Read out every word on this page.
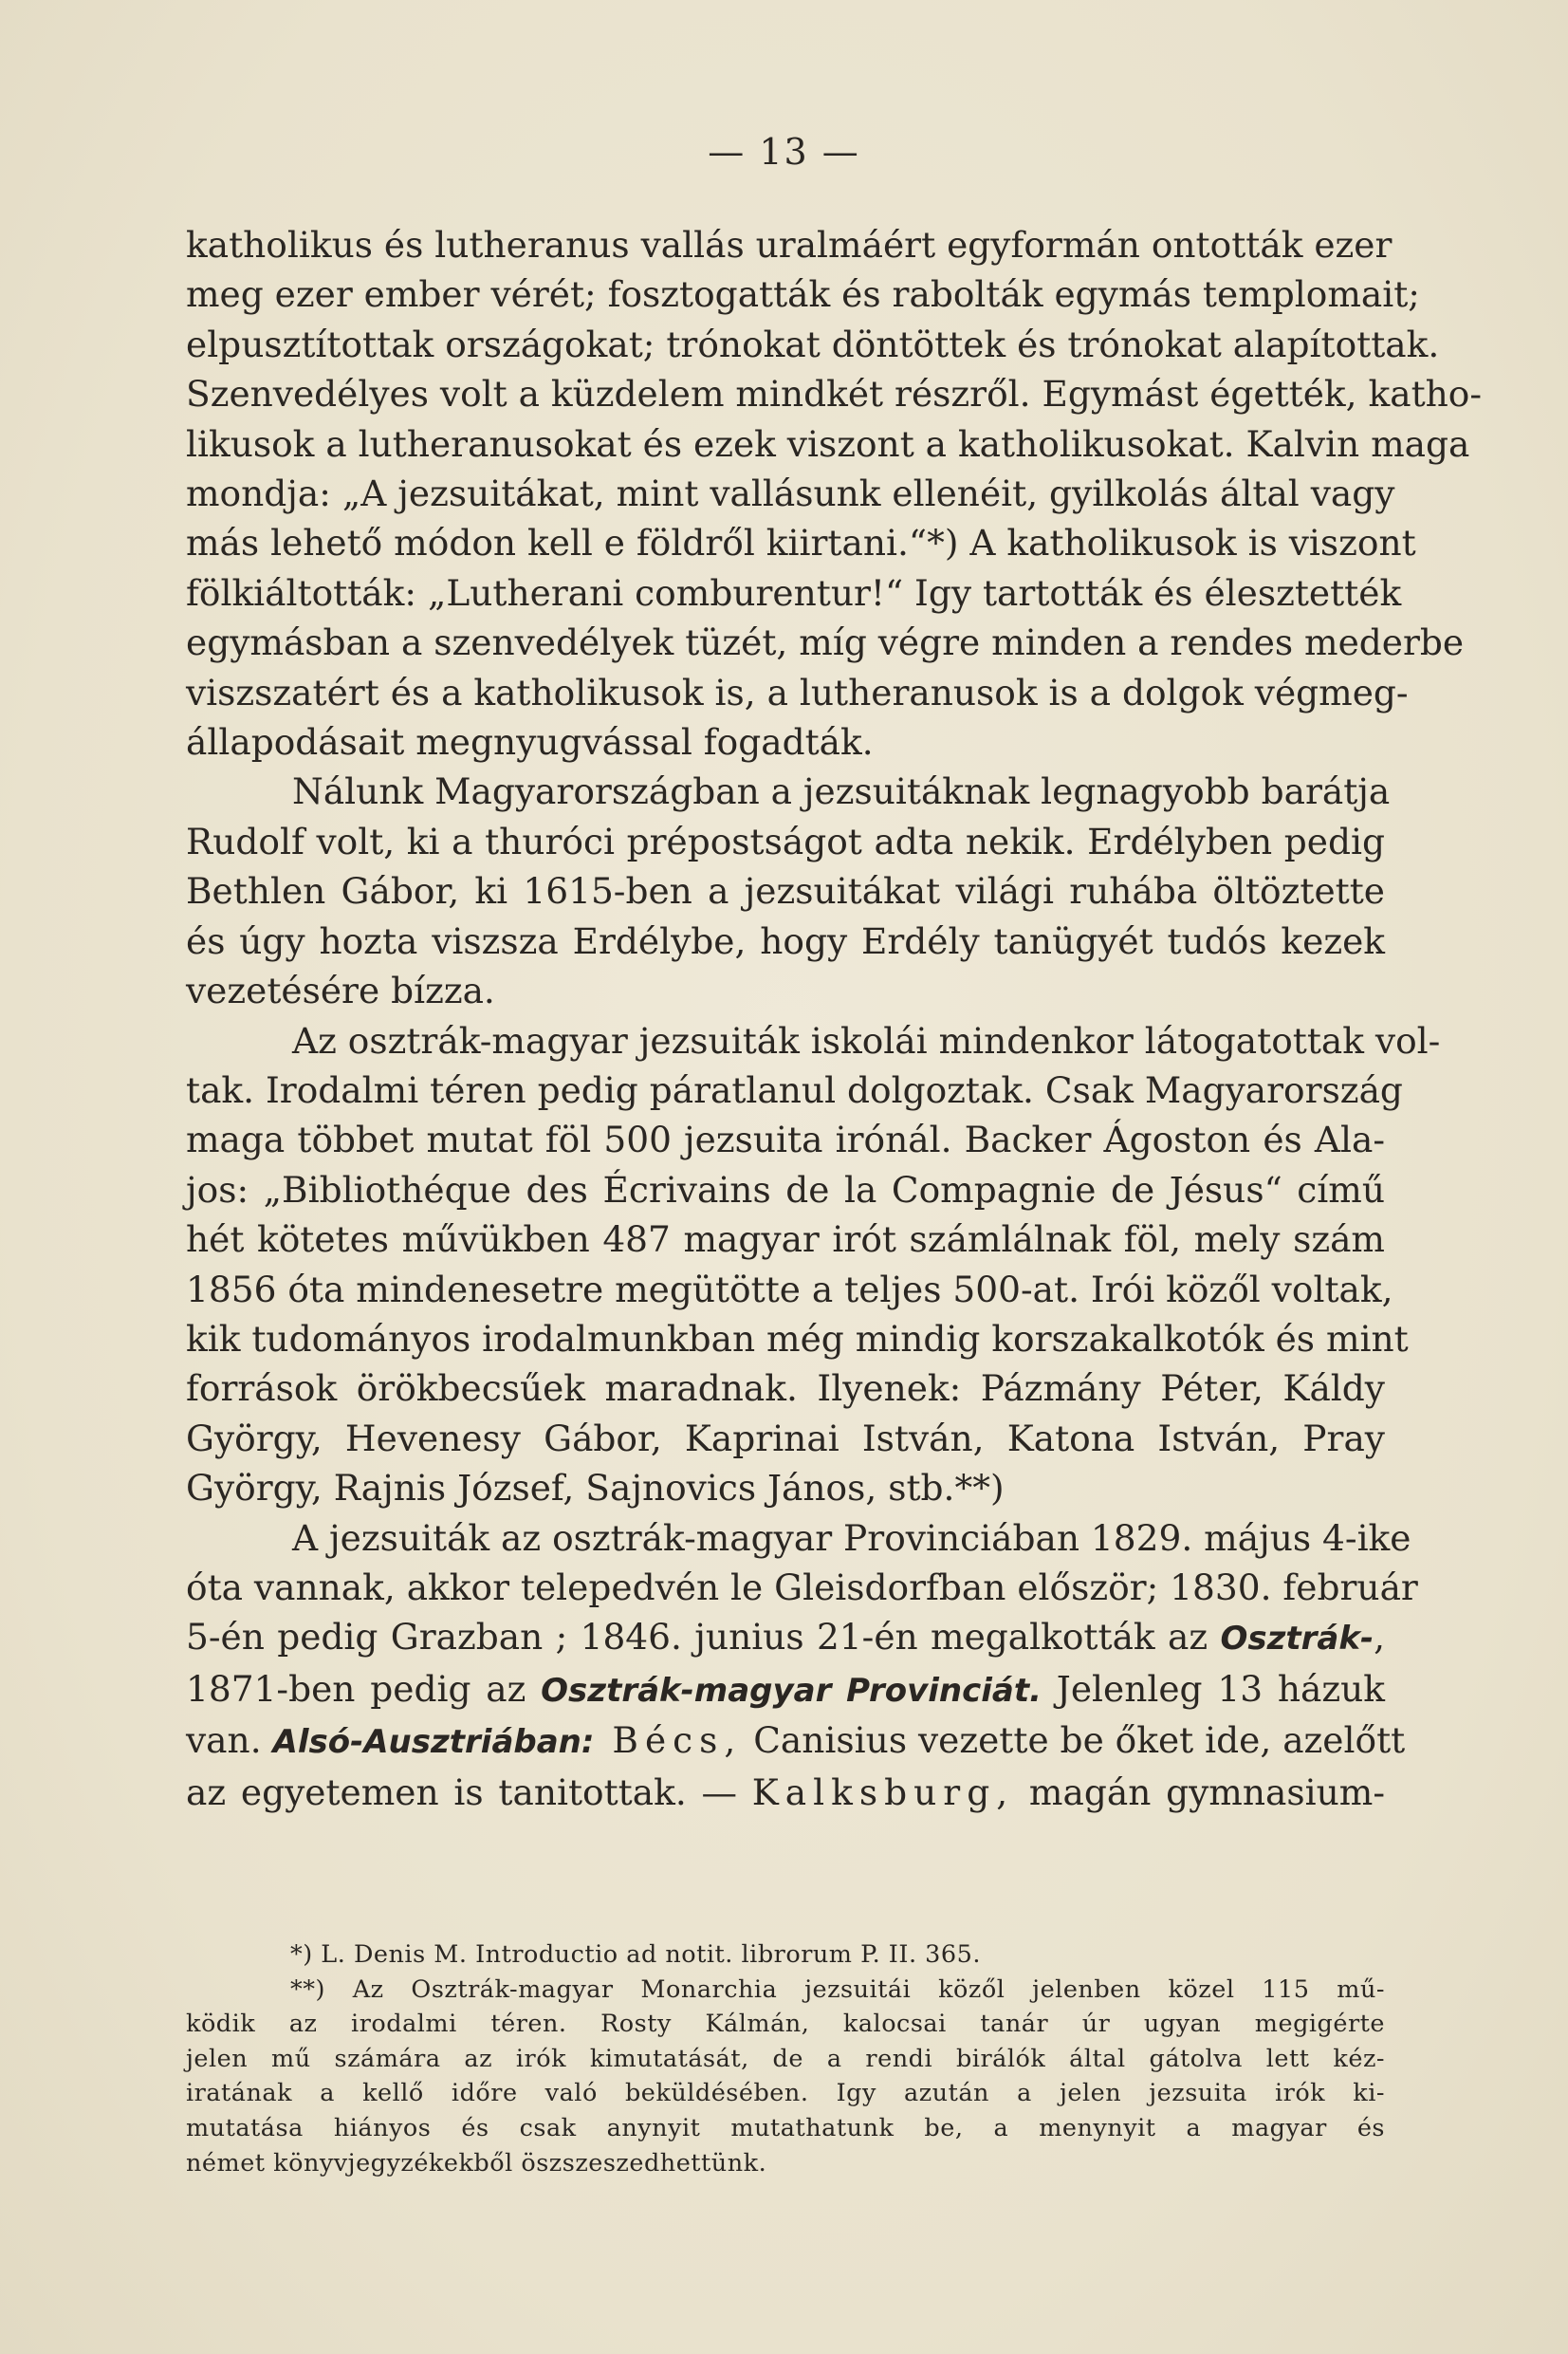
— 13 —
katholikus és lutheranus vallás uralmáért egyformán ontották ezer
meg ezer ember vérét; fosztogatták és rabolták egymás templomait;
elpusztítottak országokat; trónokat döntöttek és trónokat alapítottak.
Szenvedélyes volt a küzdelem mindkét részről. Egymást égették, katho-
likusok a lutheranusokat és ezek viszont a katholikusokat. Kalvin maga
mondja: „A jezsuitákat, mint vallásunk ellenéit, gyilkolás által vagy
más lehető módon kell e földről kiirtani.“*) A katholikusok is viszont
fölkiáltották: „Lutherani comburentur!“ Igy tartották és élesztették
egymásban a szenvedélyek tüzét, míg végre minden a rendes mederbe
viszszatért és a katholikusok is, a lutheranusok is a dolgok végmeg-
állapodásait megnyugvással fogadták.
Nálunk Magyarországban a jezsuitáknak legnagyobb barátja
Rudolf volt, ki a thuróci prépostságot adta nekik. Erdélyben pedig
Bethlen Gábor, ki 1615-ben a jezsuitákat világi ruhába öltöztette
és úgy hozta viszsza Erdélybe, hogy Erdély tanügyét tudós kezek
vezetésére bízza.
Az osztrák-magyar jezsuiták iskolái mindenkor látogatottak vol-
tak. Irodalmi téren pedig páratlanul dolgoztak. Csak Magyarország
maga többet mutat föl 500 jezsuita irónál. Backer Ágoston és Ala-
jos: „Bibliothéque des Écrivains de la Compagnie de Jésus“ című
hét kötetes művükben 487 magyar irót számlálnak föl, mely szám
1856 óta mindenesetre megütötte a teljes 500-at. Irói közől voltak,
kik tudományos irodalmunkban még mindig korszakalkotók és mint
források örökbecsűek maradnak. Ilyenek: Pázmány Péter, Káldy
György, Hevenesy Gábor, Kaprinai István, Katona István, Pray
György, Rajnis József, Sajnovics János, stb.**)
A jezsuiták az osztrák-magyar Provinciában 1829. május 4-ike
óta vannak, akkor telepedvén le Gleisdorfban először; 1830. február
5-én pedig Grazban ; 1846. junius 21-én megalkották az Osztrák-,
1871-ben pedig az Osztrák-magyar Provinciát. Jelenleg 13 házuk
van. Alsó-Ausztriában: Bécs, Canisius vezette be őket ide, azelőtt
az egyetemen is tanitottak. — Kalksburg, magán gymnasium-
*) L. Denis M. Introductio ad notit. librorum P. II. 365.
**) Az Osztrák-magyar Monarchia jezsuitái közől jelenben közel 115 mű-
ködik az irodalmi téren. Rosty Kálmán, kalocsai tanár úr ugyan megigérte
jelen mű számára az irók kimutatását, de a rendi birálók által gátolva lett kéz-
iratának a kellő időre való beküldésében. Igy azután a jelen jezsuita irók ki-
mutatása hiányos és csak anynyit mutathatunk be, a menynyit a magyar és
német könyvjegyzékekből öszszeszedhettünk.
